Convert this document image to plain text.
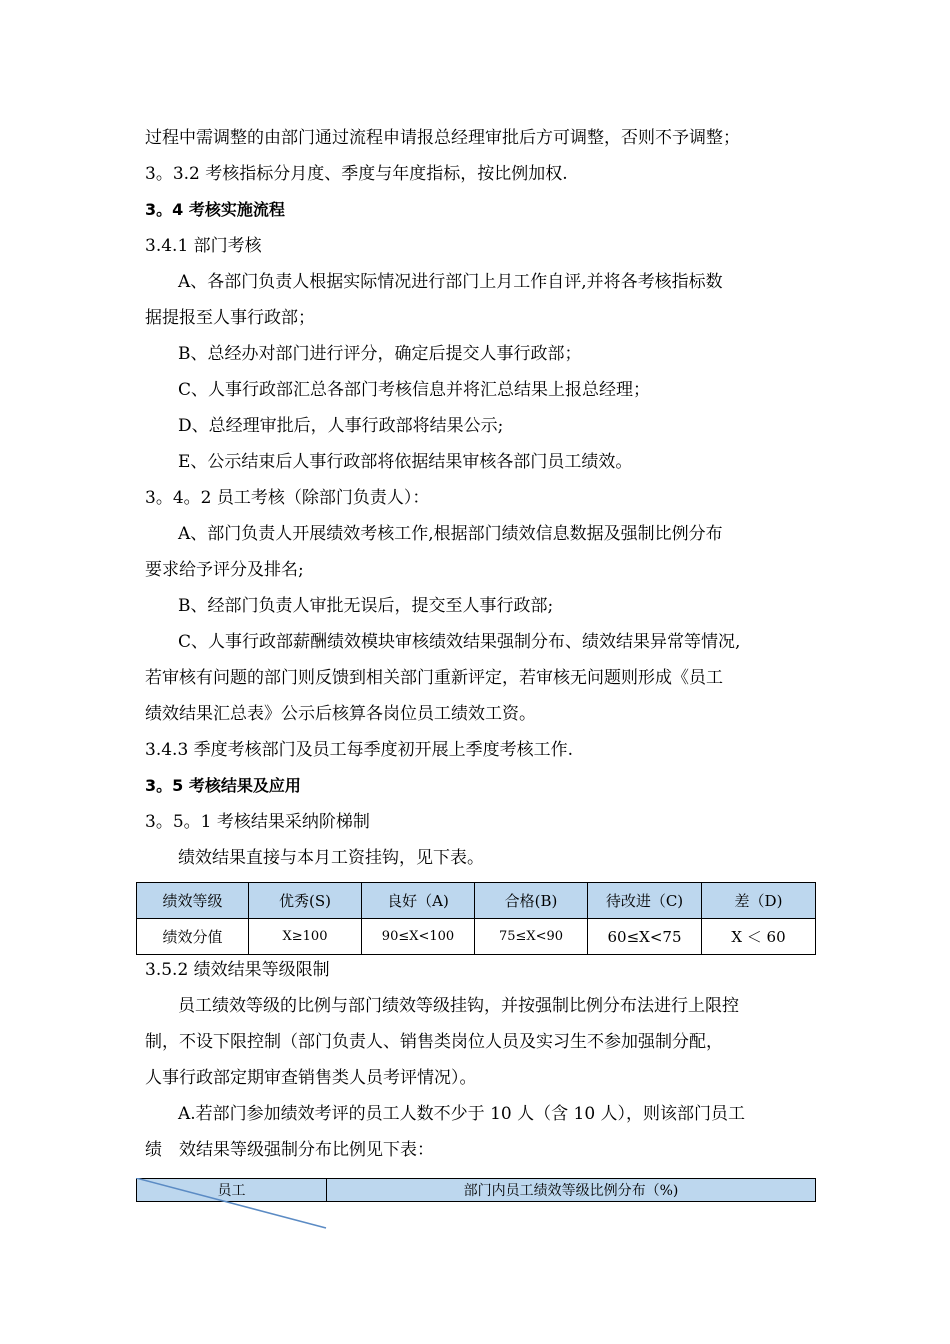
过程中需调整的由部门通过流程申请报总经理审批后方可调整，否则不予调整；
3。3.2 考核指标分月度、季度与年度指标，按比例加权.
3。4 考核实施流程
3.4.1 部门考核
A、各部门负责人根据实际情况进行部门上月工作自评,并将各考核指标数
据提报至人事行政部；
B、总经办对部门进行评分，确定后提交人事行政部；
C、人事行政部汇总各部门考核信息并将汇总结果上报总经理；
D、总经理审批后，人事行政部将结果公示;
E、公示结束后人事行政部将依据结果审核各部门员工绩效。
3。4。2 员工考核（除部门负责人）：
A、部门负责人开展绩效考核工作,根据部门绩效信息数据及强制比例分布
要求给予评分及排名;
B、经部门负责人审批无误后，提交至人事行政部;
C、人事行政部薪酬绩效模块审核绩效结果强制分布、绩效结果异常等情况,
若审核有问题的部门则反馈到相关部门重新评定，若审核无问题则形成《员工
绩效结果汇总表》公示后核算各岗位员工绩效工资。
3.4.3 季度考核部门及员工每季度初开展上季度考核工作.
3。5 考核结果及应用
3。5。1 考核结果采纳阶梯制
绩效结果直接与本月工资挂钩，见下表。
绩效等级	优秀(S)	良好（A)	合格(B)	待改进（C)	差（D)
绩效分值	X≥100	90≤X<100	75≤X<90	60≤X<75	X ＜ 60
3.5.2 绩效结果等级限制
员工绩效等级的比例与部门绩效等级挂钩，并按强制比例分布法进行上限控
制，不设下限控制（部门负责人、销售类岗位人员及实习生不参加强制分配，
人事行政部定期审查销售类人员考评情况）。
A.若部门参加绩效考评的员工人数不少于 10 人（含 10 人），则该部门员工
绩　效结果等级强制分布比例见下表：
员工	部门内员工绩效等级比例分布（%)
